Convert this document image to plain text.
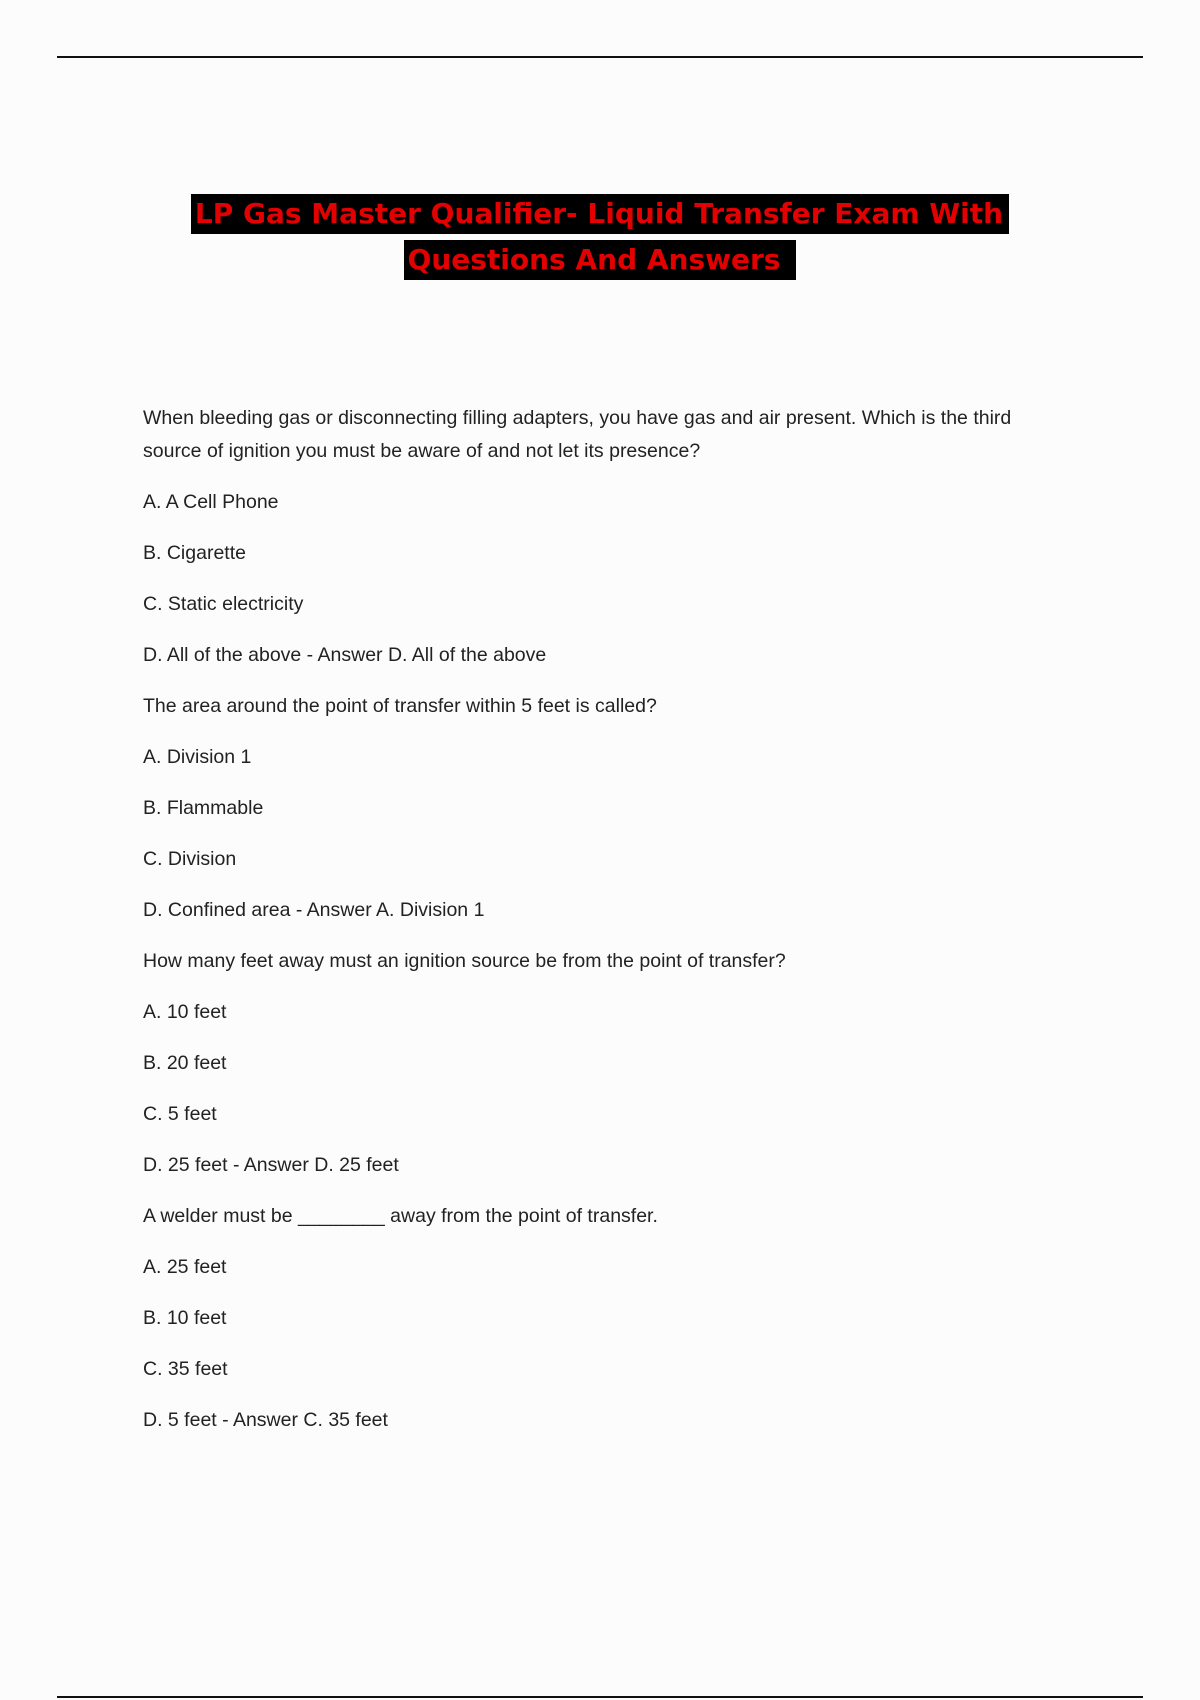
LP Gas Master Qualifier- Liquid Transfer Exam With
Questions And Answers

When bleeding gas or disconnecting filling adapters, you have gas and air present. Which is the third source of ignition you must be aware of and not let its presence?

A. A Cell Phone

B. Cigarette

C. Static electricity

D. All of the above - Answer D. All of the above

The area around the point of transfer within 5 feet is called?

A. Division 1

B. Flammable

C. Division

D. Confined area - Answer A. Division 1

How many feet away must an ignition source be from the point of transfer?

A. 10 feet

B. 20 feet

C. 5 feet

D. 25 feet - Answer D. 25 feet

A welder must be ________ away from the point of transfer.

A. 25 feet

B. 10 feet

C. 35 feet

D. 5 feet - Answer C. 35 feet
